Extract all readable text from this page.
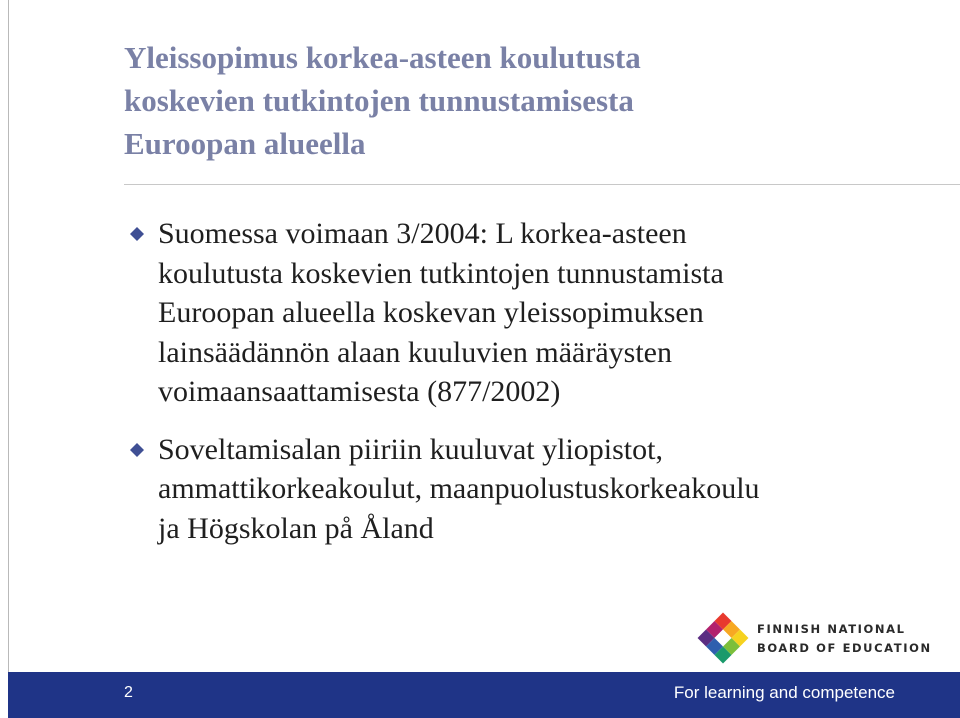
Yleissopimus korkea-asteen koulutusta
koskevien tutkintojen tunnustamisesta
Euroopan alueella
Suomessa voimaan 3/2004: L korkea-asteen
koulutusta koskevien tutkintojen tunnustamista
Euroopan alueella koskevan yleissopimuksen
lainsäädännön alaan kuuluvien määräysten
voimaansaattamisesta (877/2002)
Soveltamisalan piiriin kuuluvat yliopistot,
ammattikorkeakoulut, maanpuolustuskorkeakoulu
ja Högskolan på Åland
FINNISH NATIONAL
BOARD OF EDUCATION
2	For learning and competence
